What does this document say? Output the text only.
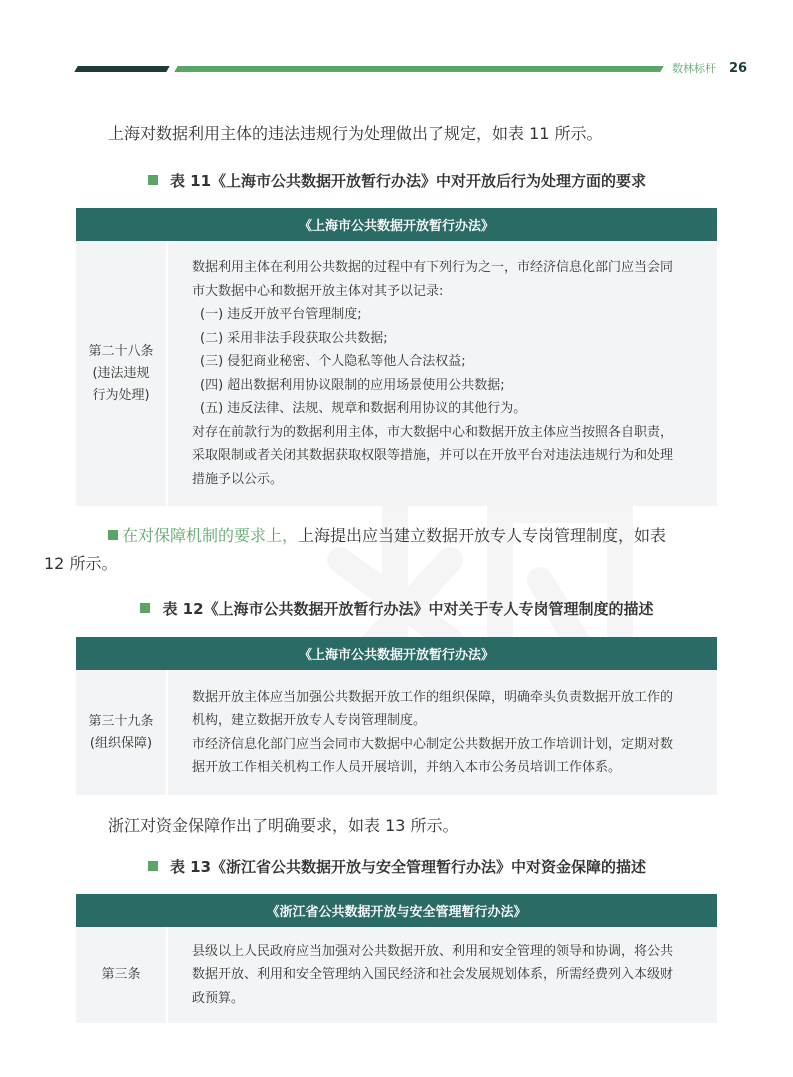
数林标杆 26
上海对数据利用主体的违法违规行为处理做出了规定，如表 11 所示。
表 11《上海市公共数据开放暂行办法》中对开放后行为处理方面的要求
《上海市公共数据开放暂行办法》

第二十八条
(违法违规
行为处理)

数据利用主体在利用公共数据的过程中有下列行为之一，市经济信息化部门应当会同

市大数据中心和数据开放主体对其予以记录:

(一) 违反开放平台管理制度;

(二) 采用非法手段获取公共数据;

(三) 侵犯商业秘密、个人隐私等他人合法权益;

(四) 超出数据利用协议限制的应用场景使用公共数据;

(五) 违反法律、法规、规章和数据利用协议的其他行为。

对存在前款行为的数据利用主体，市大数据中心和数据开放主体应当按照各自职责，

采取限制或者关闭其数据获取权限等措施，并可以在开放平台对违法违规行为和处理

措施予以公示。

在对保障机制的要求上，上海提出应当建立数据开放专人专岗管理制度，如表
12 所示。
表 12《上海市公共数据开放暂行办法》中对关于专人专岗管理制度的描述
《上海市公共数据开放暂行办法》

第三十九条
(组织保障)

数据开放主体应当加强公共数据开放工作的组织保障，明确牵头负责数据开放工作的

机构，建立数据开放专人专岗管理制度。

市经济信息化部门应当会同市大数据中心制定公共数据开放工作培训计划，定期对数

据开放工作相关机构工作人员开展培训，并纳入本市公务员培训工作体系。

浙江对资金保障作出了明确要求，如表 13 所示。
表 13《浙江省公共数据开放与安全管理暂行办法》中对资金保障的描述
《浙江省公共数据开放与安全管理暂行办法》

第三条

县级以上人民政府应当加强对公共数据开放、利用和安全管理的领导和协调，将公共

数据开放、利用和安全管理纳入国民经济和社会发展规划体系，所需经费列入本级财

政预算。
